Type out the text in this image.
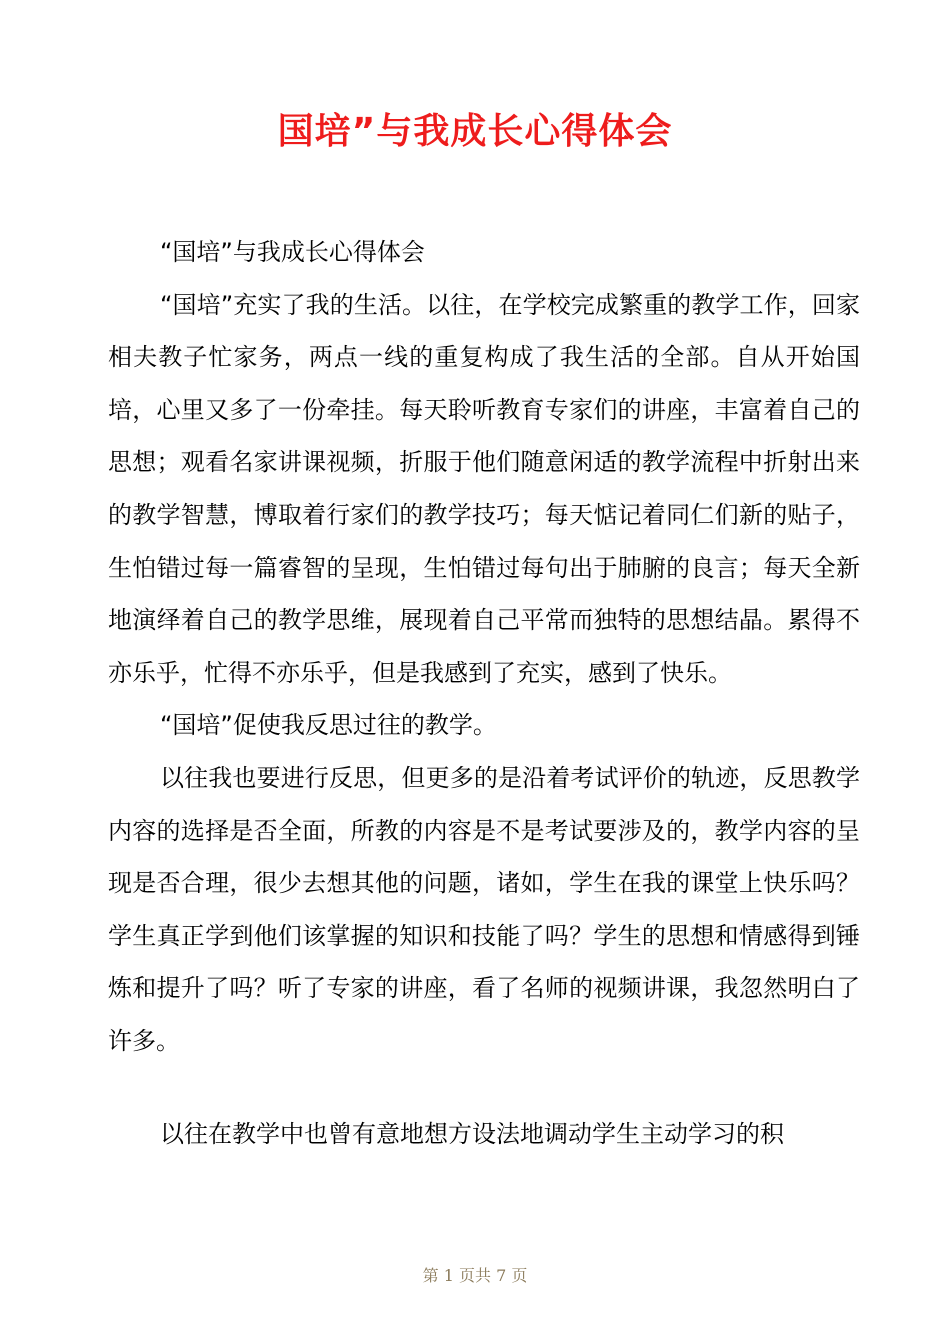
国培”与我成长心得体会

“国培”与我成长心得体会

“国培”充实了我的生活。以往，在学校完成繁重的教学工作，回家相夫教子忙家务，两点一线的重复构成了我生活的全部。自从开始国培，心里又多了一份牵挂。每天聆听教育专家们的讲座，丰富着自己的思想；观看名家讲课视频，折服于他们随意闲适的教学流程中折射出来的教学智慧，博取着行家们的教学技巧；每天惦记着同仁们新的贴子，生怕错过每一篇睿智的呈现，生怕错过每句出于肺腑的良言；每天全新地演绎着自己的教学思维，展现着自己平常而独特的思想结晶。累得不亦乐乎，忙得不亦乐乎，但是我感到了充实，感到了快乐。

“国培”促使我反思过往的教学。

以往我也要进行反思，但更多的是沿着考试评价的轨迹，反思教学内容的选择是否全面，所教的内容是不是考试要涉及的，教学内容的呈现是否合理，很少去想其他的问题，诸如，学生在我的课堂上快乐吗？学生真正学到他们该掌握的知识和技能了吗？学生的思想和情感得到锤炼和提升了吗？听了专家的讲座，看了名师的视频讲课，我忽然明白了许多。

以往在教学中也曾有意地想方设法地调动学生主动学习的积

第 1 页共 7 页
